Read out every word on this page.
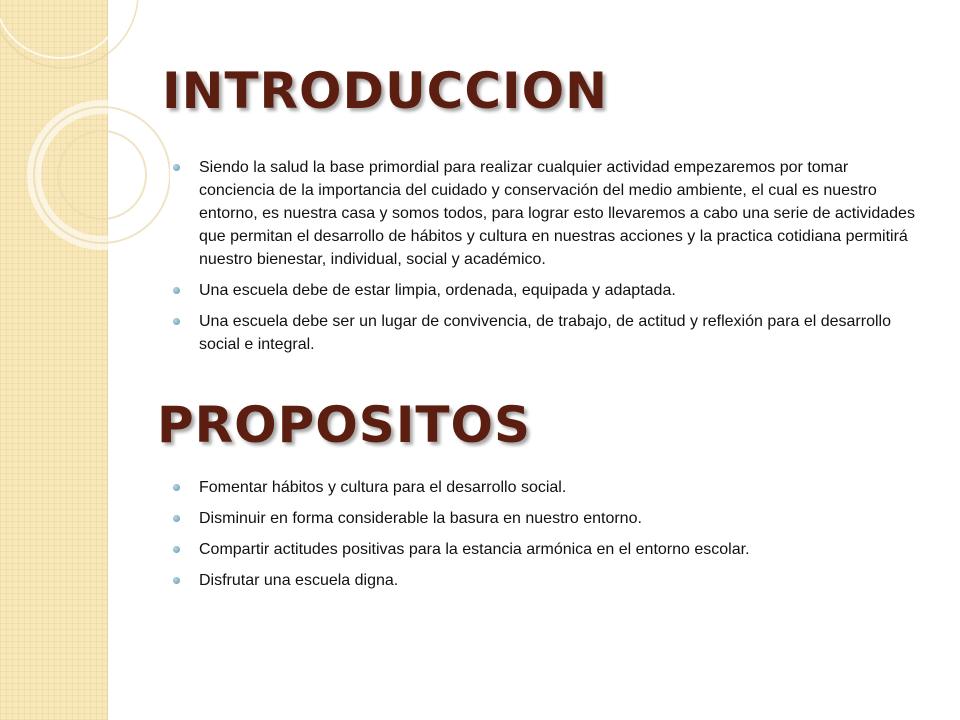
INTRODUCCION
Siendo la salud la base primordial para realizar cualquier actividad empezaremos por tomar conciencia de la importancia del cuidado y conservación del medio ambiente, el cual es nuestro entorno, es nuestra casa y somos todos, para lograr esto llevaremos a cabo una serie de actividades que permitan el desarrollo de hábitos y cultura en nuestras acciones y la practica cotidiana permitirá nuestro bienestar, individual, social y académico.
Una escuela debe de estar limpia, ordenada, equipada y adaptada.
Una escuela debe ser un lugar de convivencia, de trabajo, de actitud y reflexión para el desarrollo social e integral.
PROPOSITOS
Fomentar hábitos y cultura para el desarrollo social.
Disminuir en forma considerable la basura en nuestro entorno.
Compartir actitudes positivas para la estancia armónica en el entorno escolar.
Disfrutar una escuela digna.
